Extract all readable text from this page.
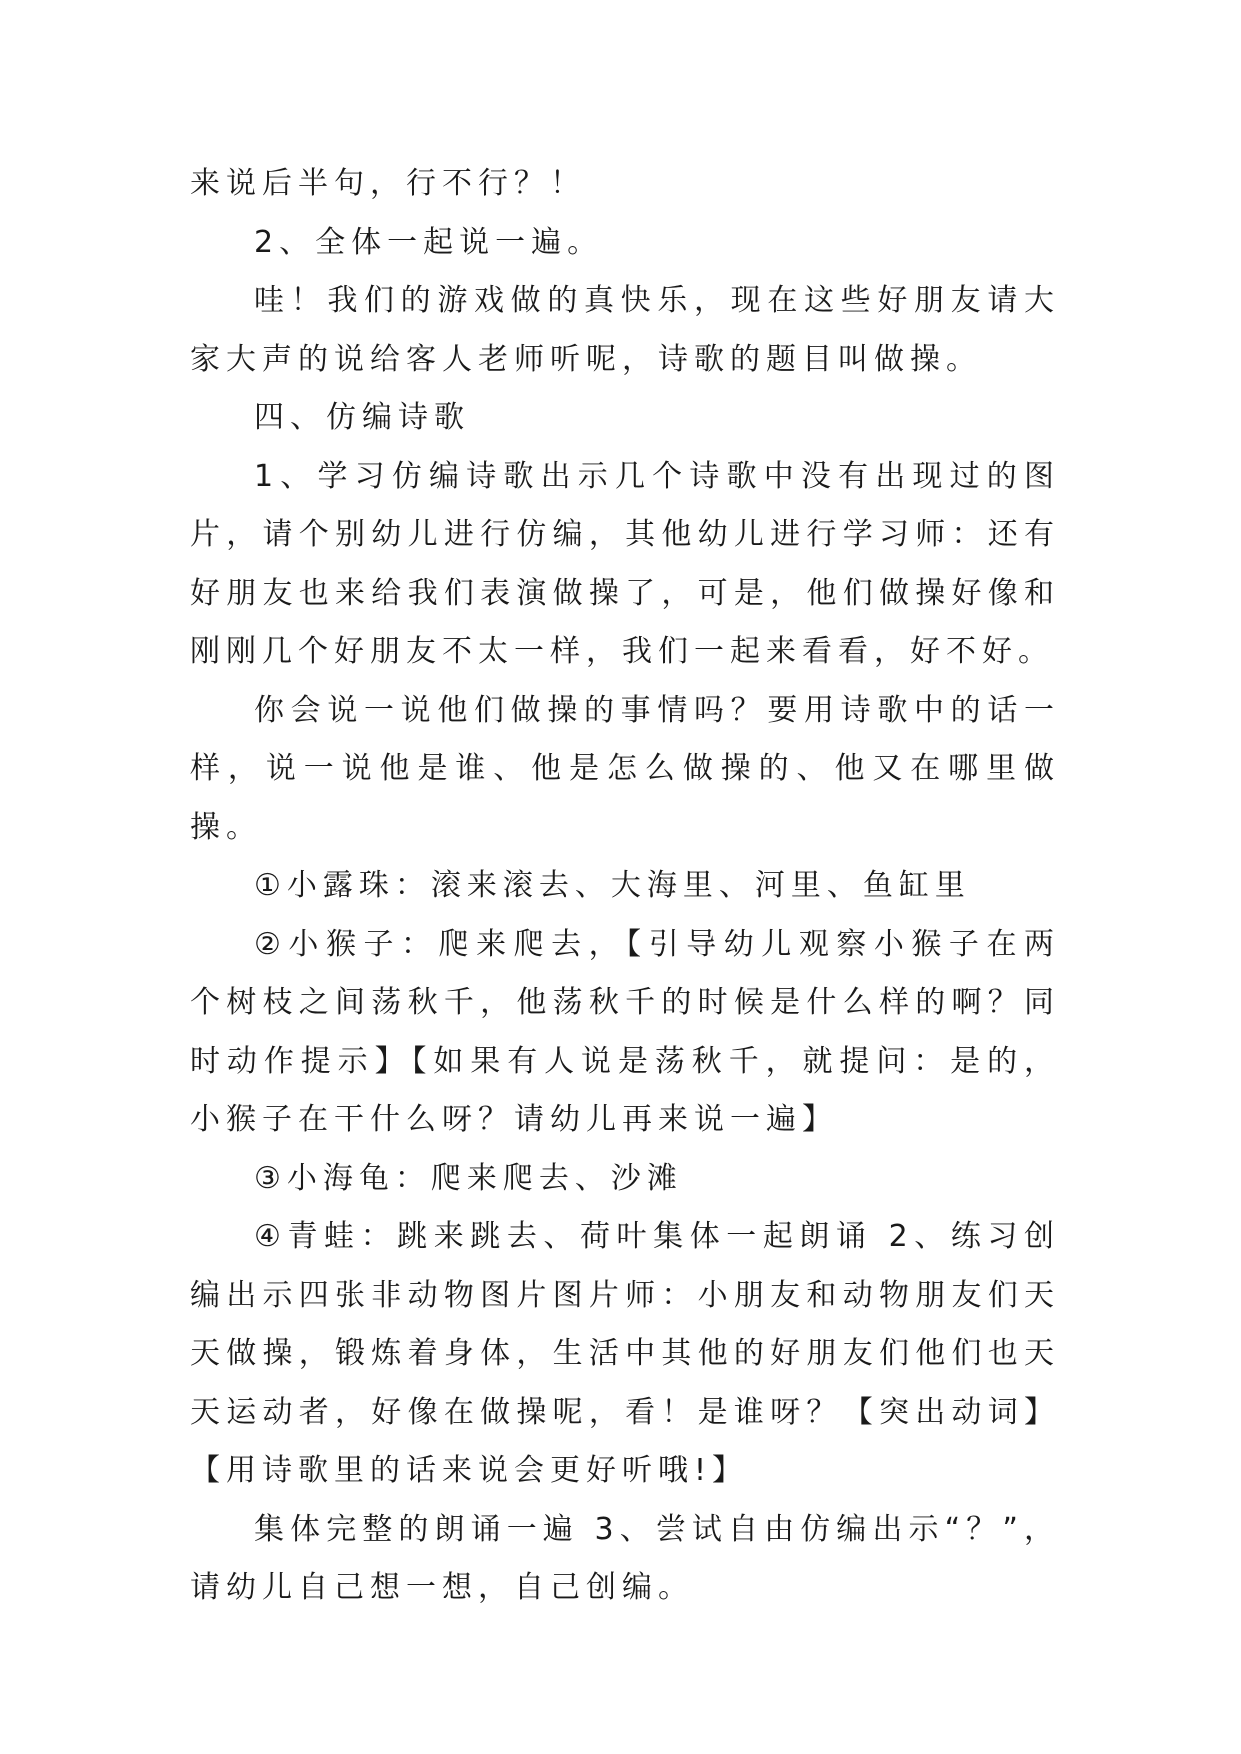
来说后半句，行不行？！

2、全体一起说一遍。

哇！我们的游戏做的真快乐，现在这些好朋友请大家大声的说给客人老师听呢，诗歌的题目叫做操。

四、仿编诗歌

1、学习仿编诗歌出示几个诗歌中没有出现过的图片，请个别幼儿进行仿编，其他幼儿进行学习师：还有好朋友也来给我们表演做操了，可是，他们做操好像和刚刚几个好朋友不太一样，我们一起来看看，好不好。

你会说一说他们做操的事情吗？要用诗歌中的话一样，说一说他是谁、他是怎么做操的、他又在哪里做操。

①小露珠：滚来滚去、大海里、河里、鱼缸里

②小猴子：爬来爬去，【引导幼儿观察小猴子在两个树枝之间荡秋千，他荡秋千的时候是什么样的啊？同时动作提示】【如果有人说是荡秋千，就提问：是的，小猴子在干什么呀？请幼儿再来说一遍】

③小海龟：爬来爬去、沙滩

④青蛙：跳来跳去、荷叶集体一起朗诵 2、练习创编出示四张非动物图片图片师：小朋友和动物朋友们天天做操，锻炼着身体，生活中其他的好朋友们他们也天天运动者，好像在做操呢，看！是谁呀？【突出动词】【用诗歌里的话来说会更好听哦!】

集体完整的朗诵一遍 3、尝试自由仿编出示“？”，请幼儿自己想一想，自己创编。
